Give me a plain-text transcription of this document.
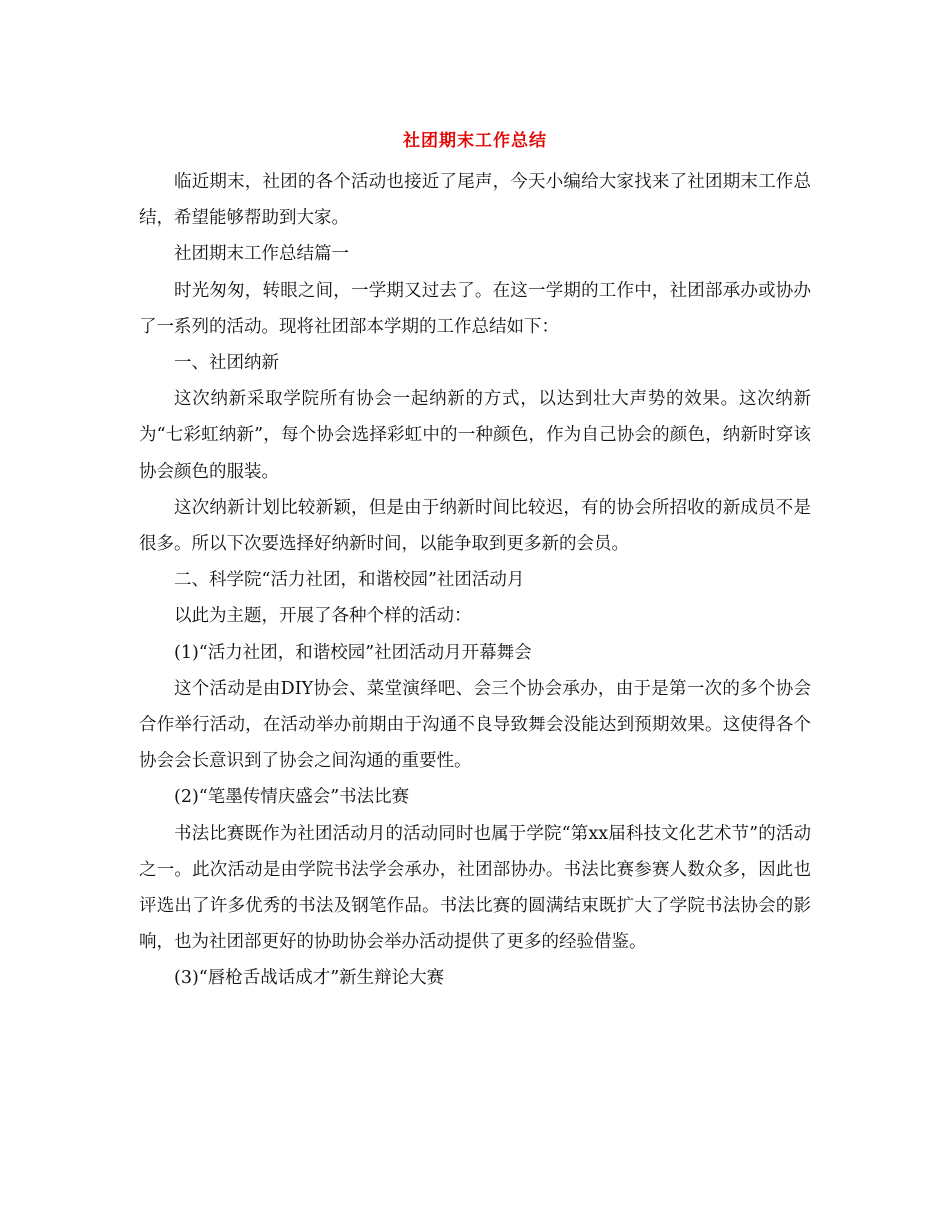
社团期末工作总结

临近期末，社团的各个活动也接近了尾声，今天小编给大家找来了社团期末工作总结，希望能够帮助到大家。

社团期末工作总结篇一

时光匆匆，转眼之间，一学期又过去了。在这一学期的工作中，社团部承办或协办了一系列的活动。现将社团部本学期的工作总结如下：

一、社团纳新

这次纳新采取学院所有协会一起纳新的方式，以达到壮大声势的效果。这次纳新为“七彩虹纳新”，每个协会选择彩虹中的一种颜色，作为自己协会的颜色，纳新时穿该协会颜色的服装。

这次纳新计划比较新颖，但是由于纳新时间比较迟，有的协会所招收的新成员不是很多。所以下次要选择好纳新时间，以能争取到更多新的会员。

二、科学院“活力社团，和谐校园”社团活动月

以此为主题，开展了各种个样的活动：

(1)“活力社团，和谐校园”社团活动月开幕舞会

这个活动是由DIY协会、菜堂演绎吧、会三个协会承办，由于是第一次的多个协会合作举行活动，在活动举办前期由于沟通不良导致舞会没能达到预期效果。这使得各个协会会长意识到了协会之间沟通的重要性。

(2)“笔墨传情庆盛会”书法比赛

书法比赛既作为社团活动月的活动同时也属于学院“第xx届科技文化艺术节”的活动之一。此次活动是由学院书法学会承办，社团部协办。书法比赛参赛人数众多，因此也评选出了许多优秀的书法及钢笔作品。书法比赛的圆满结束既扩大了学院书法协会的影响，也为社团部更好的协助协会举办活动提供了更多的经验借鉴。

(3)“唇枪舌战话成才”新生辩论大赛
